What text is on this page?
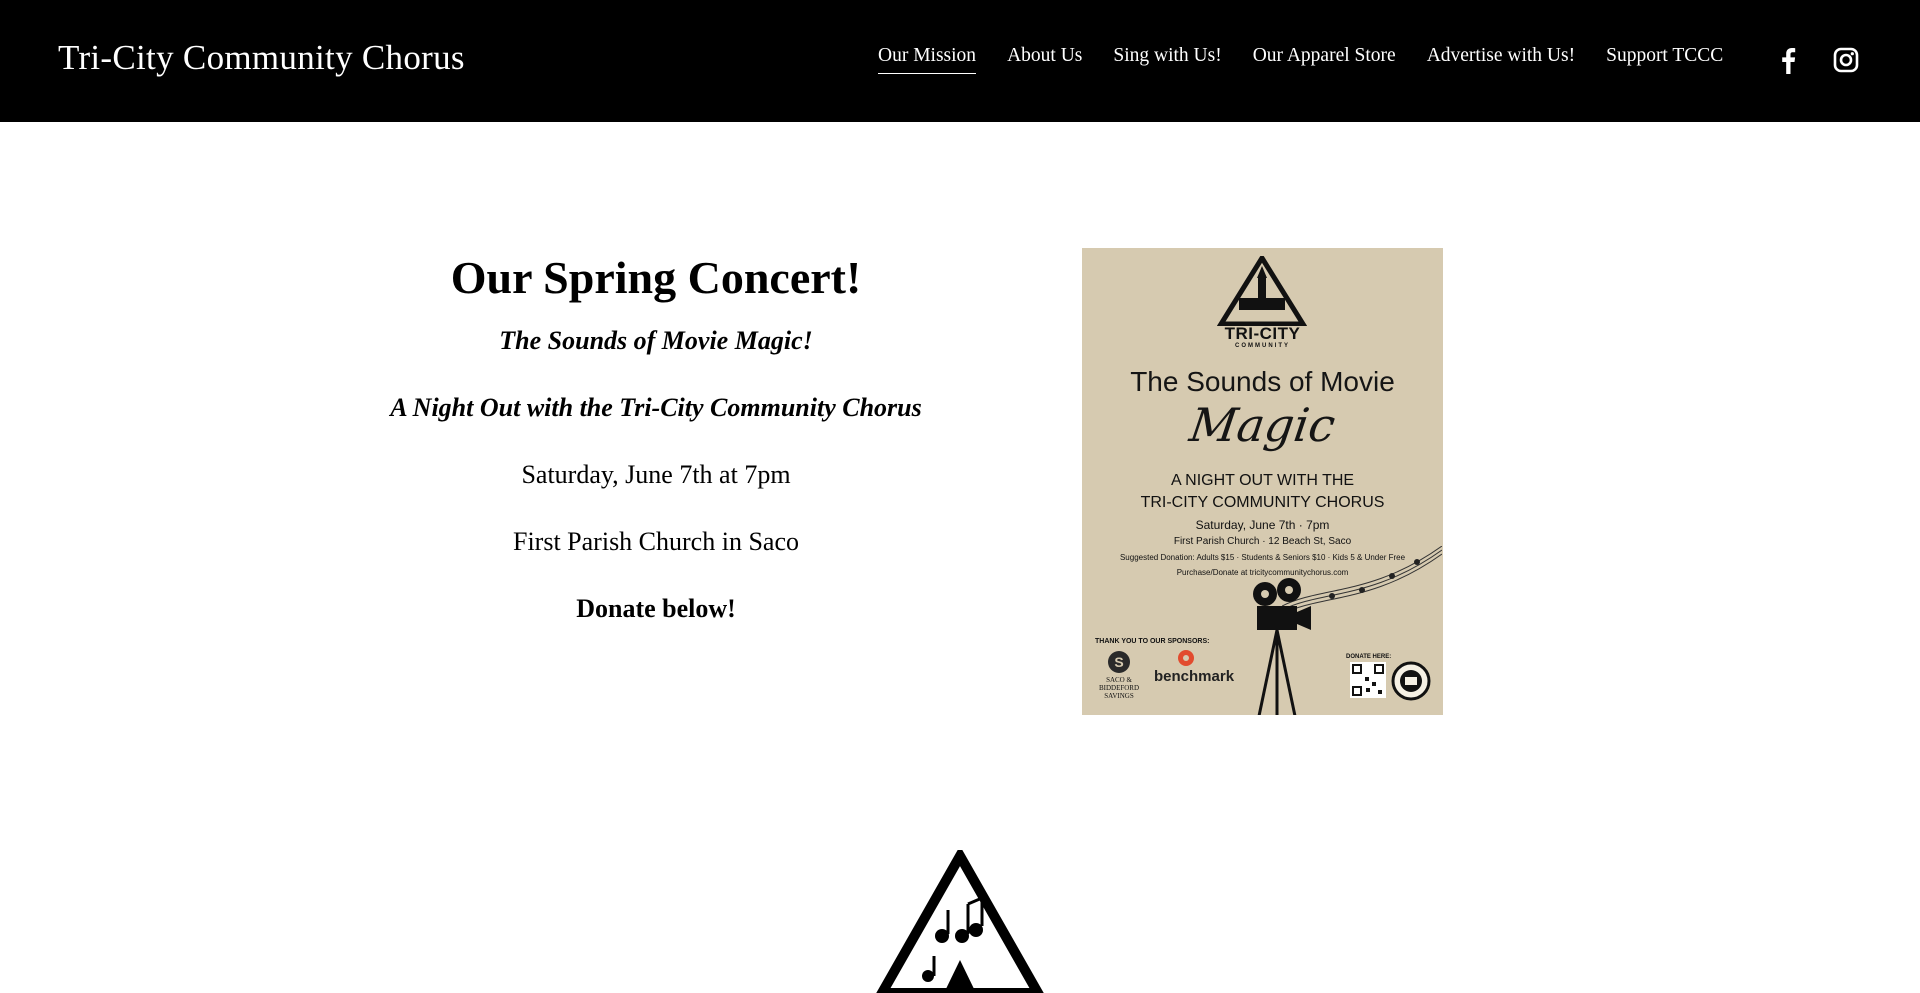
Tri-City Community Chorus	Our Mission About Us Sing with Us! Our Apparel Store Advertise with Us! Support TCCC
Our Spring Concert!

The Sounds of Movie Magic!

A Night Out with the Tri-City Community Chorus

Saturday, June 7th at 7pm

First Parish Church in Saco

Donate below!

TRI-CITY
COMMUNITY
The Sounds of Movie
Magic
A NIGHT OUT WITH THE
TRI-CITY COMMUNITY CHORUS
Saturday, June 7th · 7pm
First Parish Church · 12 Beach St, Saco
Suggested Donation: Adults $15 · Students & Seniors $10 · Kids 5 & Under Free
Purchase/Donate at tricitycommunitychorus.com
THANK YOU TO OUR SPONSORS:
S
SACO & BIDDEFORD SAVINGS
benchmark
DONATE HERE:
